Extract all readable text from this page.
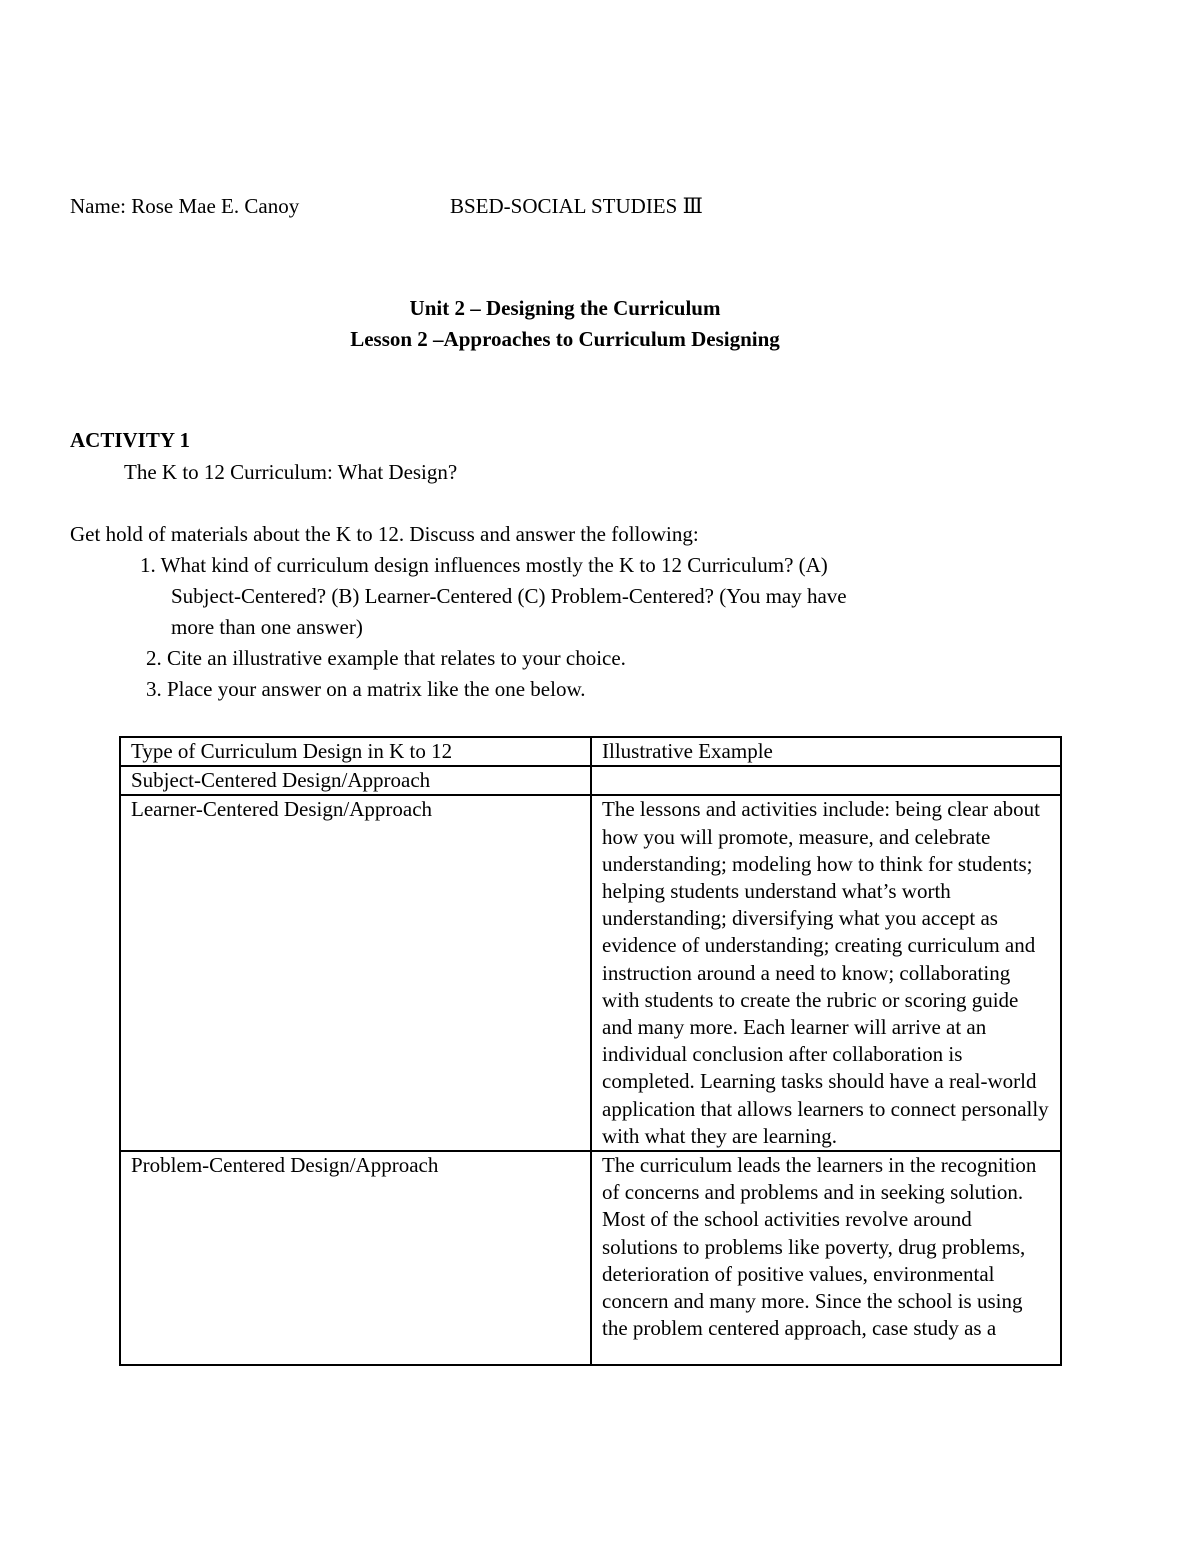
Name: Rose Mae E. Canoy	BSED-SOCIAL STUDIES Ⅲ
Unit 2 – Designing the Curriculum
Lesson 2 –Approaches to Curriculum Designing
ACTIVITY 1
The K to 12 Curriculum: What Design?
Get hold of materials about the K to 12. Discuss and answer the following:
1. What kind of curriculum design influences mostly the K to 12 Curriculum? (A)
Subject-Centered? (B) Learner-Centered (C) Problem-Centered? (You may have
more than one answer)
2. Cite an illustrative example that relates to your choice.
3. Place your answer on a matrix like the one below.
Type of Curriculum Design in K to 12	Illustrative Example
Subject-Centered Design/Approach	
Learner-Centered Design/Approach	The lessons and activities include: being clear about how you will promote, measure, and celebrate understanding; modeling how to think for students; helping students understand what’s worth understanding; diversifying what you accept as evidence of understanding; creating curriculum and instruction around a need to know; collaborating with students to create the rubric or scoring guide and many more. Each learner will arrive at an individual conclusion after collaboration is completed. Learning tasks should have a real-world application that allows learners to connect personally with what they are learning.
Problem-Centered Design/Approach	The curriculum leads the learners in the recognition of concerns and problems and in seeking solution. Most of the school activities revolve around solutions to problems like poverty, drug problems, deterioration of positive values, environmental concern and many more. Since the school is using the problem centered approach, case study as a
